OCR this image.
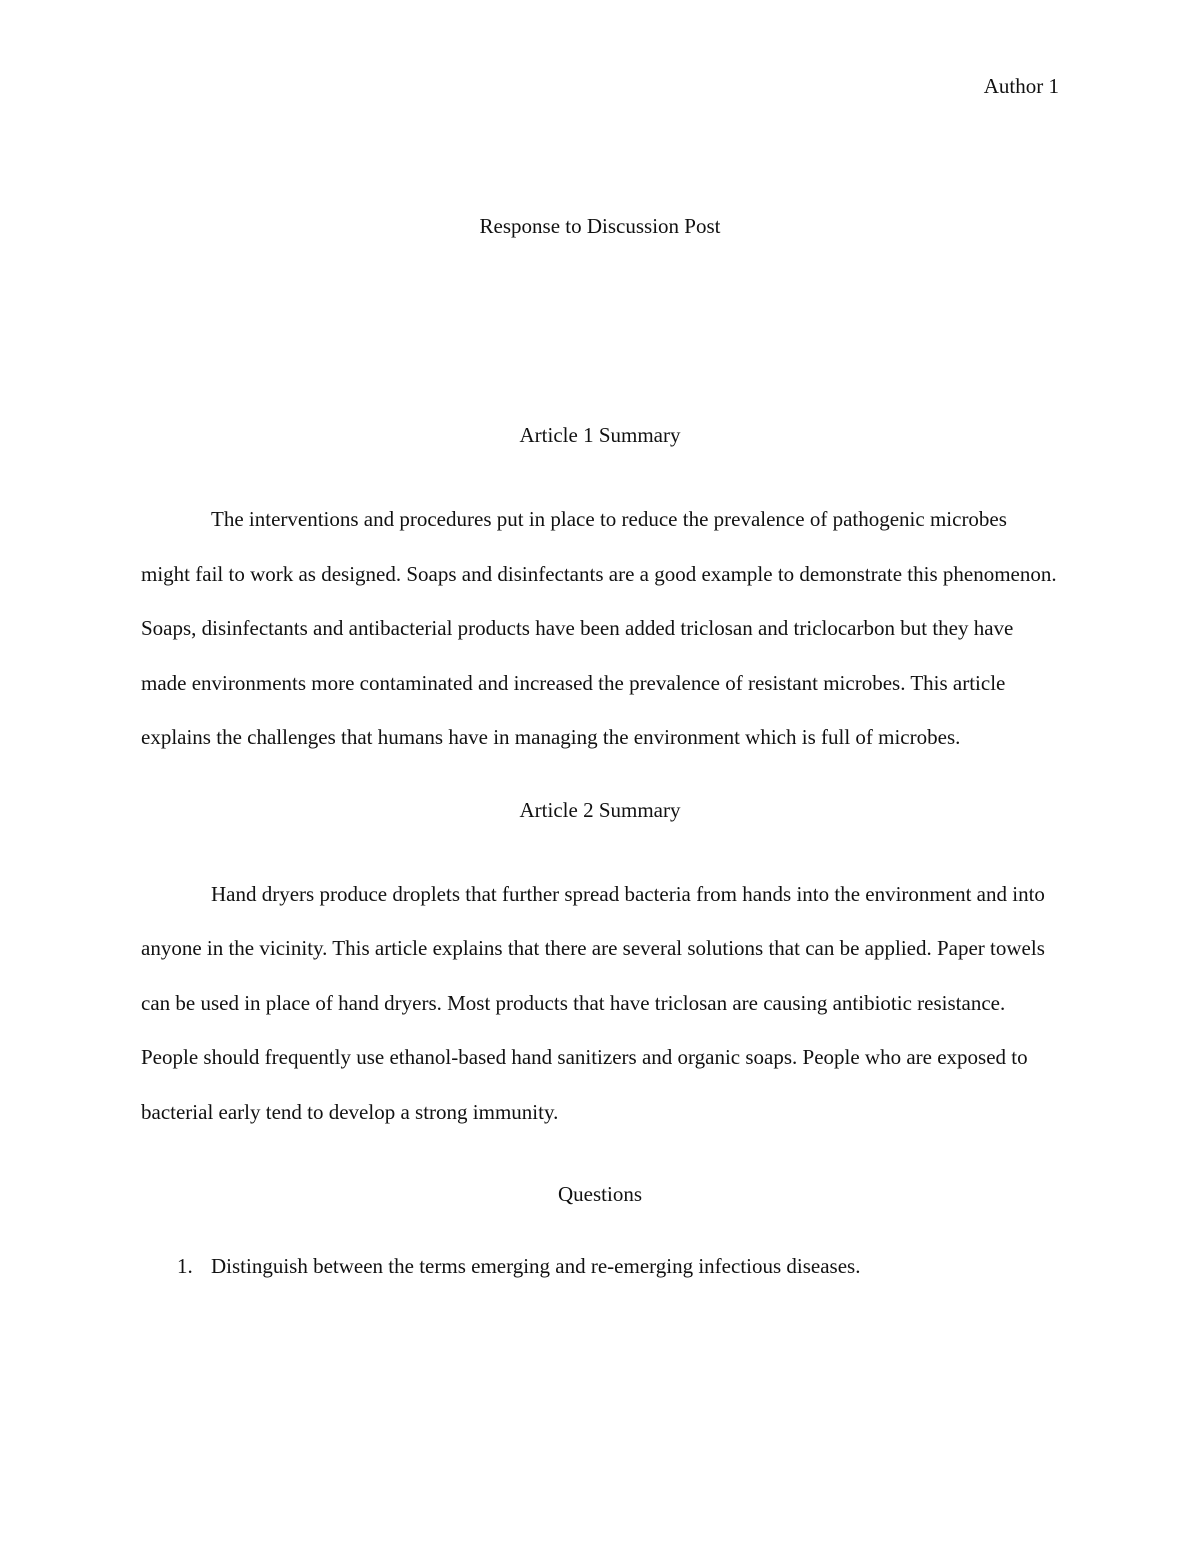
Author 1
Response to Discussion Post
Article 1 Summary

The interventions and procedures put in place to reduce the prevalence of pathogenic microbes might fail to work as designed. Soaps and disinfectants are a good example to demonstrate this phenomenon. Soaps, disinfectants and antibacterial products have been added triclosan and triclocarbon but they have made environments more contaminated and increased the prevalence of resistant microbes. This article explains the challenges that humans have in managing the environment which is full of microbes.

Article 2 Summary

Hand dryers produce droplets that further spread bacteria from hands into the environment and into anyone in the vicinity. This article explains that there are several solutions that can be applied. Paper towels can be used in place of hand dryers. Most products that have triclosan are causing antibiotic resistance. People should frequently use ethanol-based hand sanitizers and organic soaps. People who are exposed to bacterial early tend to develop a strong immunity.

Questions
1. Distinguish between the terms emerging and re-emerging infectious diseases.
